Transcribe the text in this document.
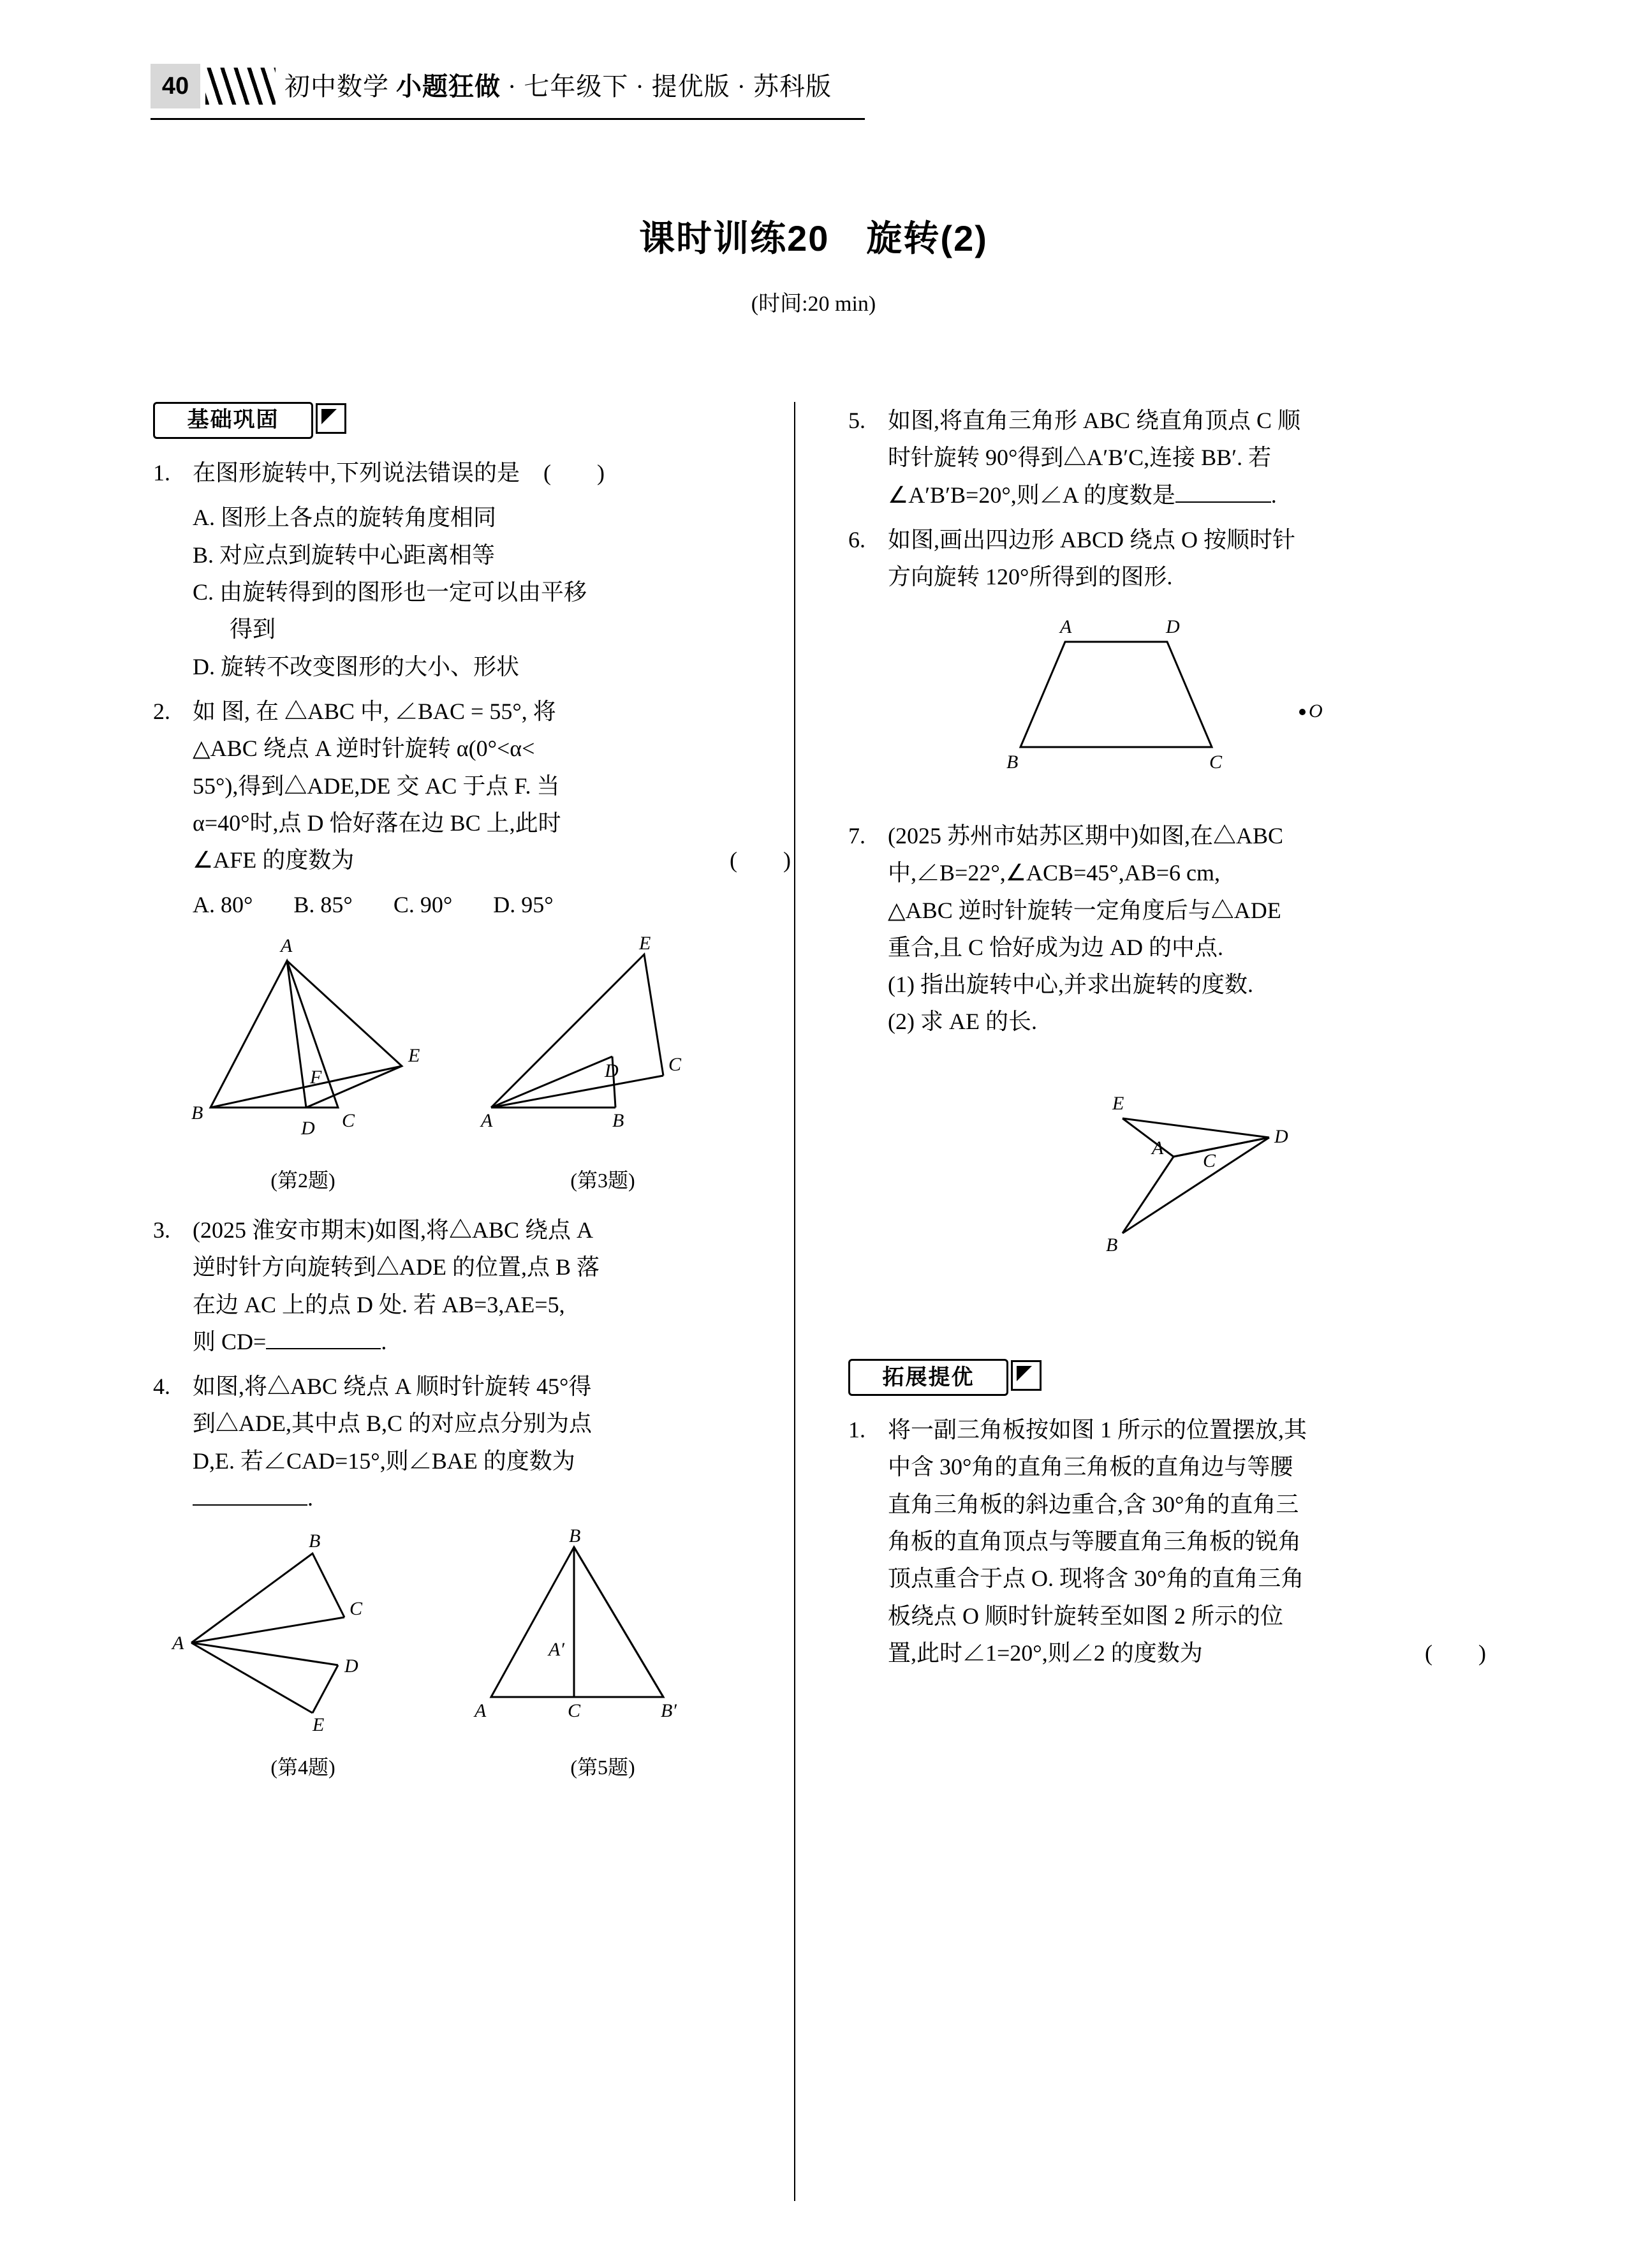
40	初中数学 小题狂做 · 七年级下 · 提优版 · 苏科版
课时训练20　旋转(2)
(时间:20 min)
基础巩固
1. 在图形旋转中,下列说法错误的是 (　　)
A. 图形上各点的旋转角度相同
B. 对应点到旋转中心距离相等
C. 由旋转得到的图形也一定可以由平移
得到
D. 旋转不改变图形的大小、形状
2. 如 图, 在 △ABC 中, ∠BAC = 55°, 将
△ABC 绕点 A 逆时针旋转 α(0°<α<
55°),得到△ADE,DE 交 AC 于点 F. 当
α=40°时,点 D 恰好落在边 BC 上,此时
∠AFE 的度数为	(　　)
A. 80° B. 85° C. 90° D. 95°
A
B
D C
E
F
(第2题)
E
C
D
A	B
(第3题)
3. (2025 淮安市期末)如图,将△ABC 绕点 A
逆时针方向旋转到△ADE 的位置,点 B 落
在边 AC 上的点 D 处. 若 AB=3,AE=5,
则 CD=	.
4. 如图,将△ABC 绕点 A 顺时针旋转 45°得
到△ADE,其中点 B,C 的对应点分别为点
D,E. 若∠CAD=15°,则∠BAE 的度数为
.
B
A
C
D
E
(第4题)
B
A	C
A′
B′
(第5题)
5. 如图,将直角三角形 ABC 绕直角顶点 C 顺
时针旋转 90°得到△A′B′C,连接 BB′. 若
∠A′B′B=20°,则∠A 的度数是	.
6. 如图,画出四边形 ABCD 绕点 O 按顺时针
方向旋转 120°所得到的图形.
A	D
B	C
O
7. (2025 苏州市姑苏区期中)如图,在△ABC
中,∠B=22°,∠ACB=45°,AB=6 cm,
△ABC 逆时针旋转一定角度后与△ADE
重合,且 C 恰好成为边 AD 的中点.
(1) 指出旋转中心,并求出旋转的度数.
(2) 求 AE 的长.
E
A
C
D
B
拓展提优
1. 将一副三角板按如图 1 所示的位置摆放,其
中含 30°角的直角三角板的直角边与等腰
直角三角板的斜边重合,含 30°角的直角三
角板的直角顶点与等腰直角三角板的锐角
顶点重合于点 O. 现将含 30°角的直角三角
板绕点 O 顺时针旋转至如图 2 所示的位
置,此时∠1=20°,则∠2 的度数为	(　　)
